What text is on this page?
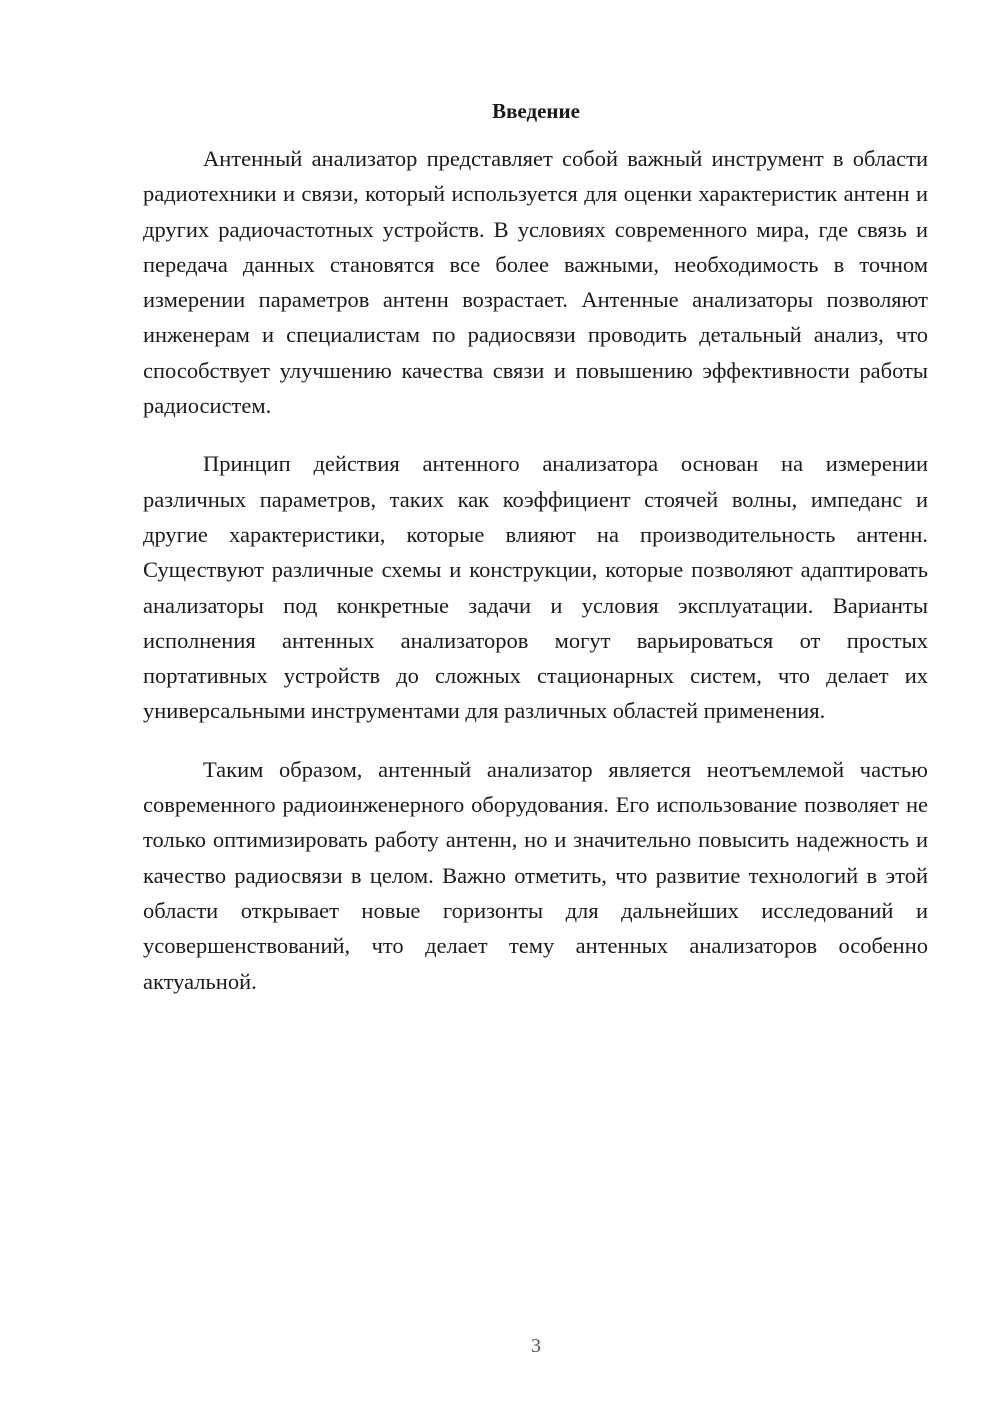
Введение

Антенный анализатор представляет собой важный инструмент в области радиотехники и связи, который используется для оценки характеристик антенн и других радиочастотных устройств. В условиях современного мира, где связь и передача данных становятся все более важными, необходимость в точном измерении параметров антенн возрастает. Антенные анализаторы позволяют инженерам и специалистам по радиосвязи проводить детальный анализ, что способствует улучшению качества связи и повышению эффективности работы радиосистем.

Принцип действия антенного анализатора основан на измерении различных параметров, таких как коэффициент стоячей волны, импеданс и другие характеристики, которые влияют на производительность антенн. Существуют различные схемы и конструкции, которые позволяют адаптировать анализаторы под конкретные задачи и условия эксплуатации. Варианты исполнения антенных анализаторов могут варьироваться от простых портативных устройств до сложных стационарных систем, что делает их универсальными инструментами для различных областей применения.

Таким образом, антенный анализатор является неотъемлемой частью современного радиоинженерного оборудования. Его использование позволяет не только оптимизировать работу антенн, но и значительно повысить надежность и качество радиосвязи в целом. Важно отметить, что развитие технологий в этой области открывает новые горизонты для дальнейших исследований и усовершенствований, что делает тему антенных анализаторов особенно актуальной.

3
